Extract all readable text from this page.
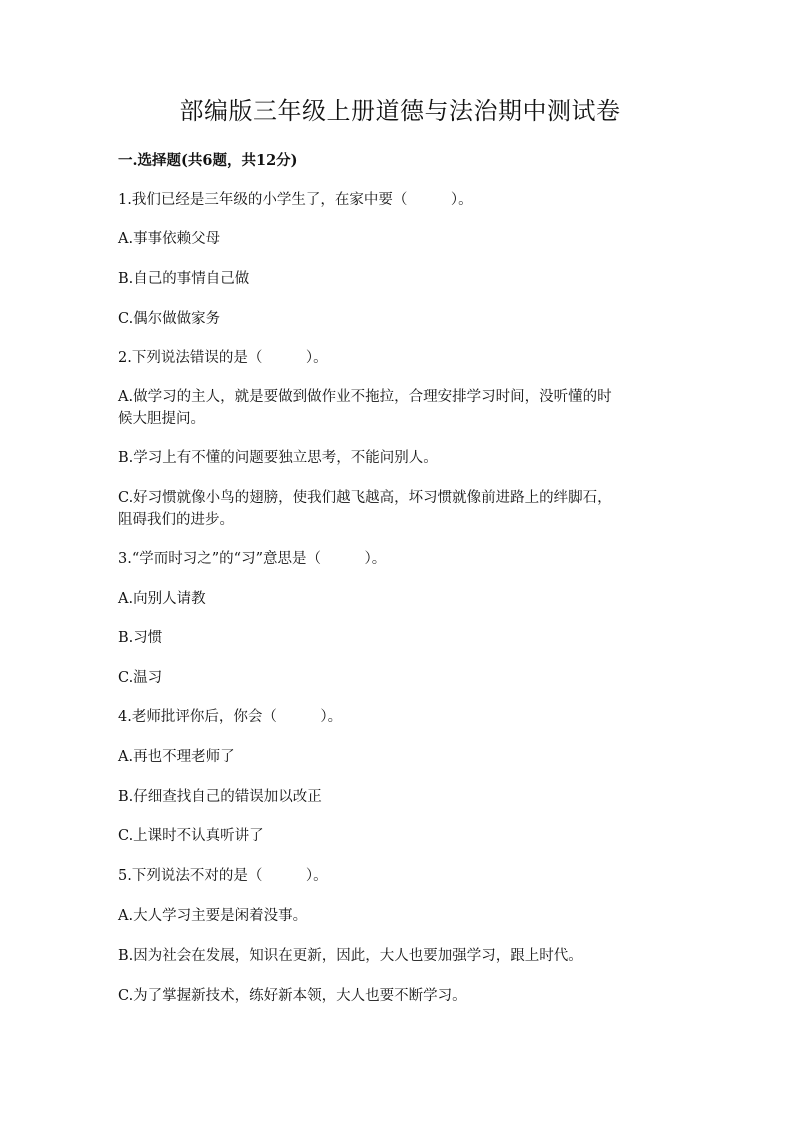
部编版三年级上册道德与法治期中测试卷
一.选择题(共6题，共12分)
1.我们已经是三年级的小学生了，在家中要（　　　）。
A.事事依赖父母
B.自己的事情自己做
C.偶尔做做家务
2.下列说法错误的是（　　　）。
A.做学习的主人，就是要做到做作业不拖拉，合理安排学习时间，没听懂的时
候大胆提问。
B.学习上有不懂的问题要独立思考，不能问别人。
C.好习惯就像小鸟的翅膀，使我们越飞越高，坏习惯就像前进路上的绊脚石，
阻碍我们的进步。
3.“学而时习之”的“习”意思是（　　　）。
A.向别人请教
B.习惯
C.温习
4.老师批评你后，你会（　　　）。
A.再也不理老师了
B.仔细查找自己的错误加以改正
C.上课时不认真听讲了
5.下列说法不对的是（　　　）。
A.大人学习主要是闲着没事。
B.因为社会在发展，知识在更新，因此，大人也要加强学习，跟上时代。
C.为了掌握新技术，练好新本领，大人也要不断学习。
